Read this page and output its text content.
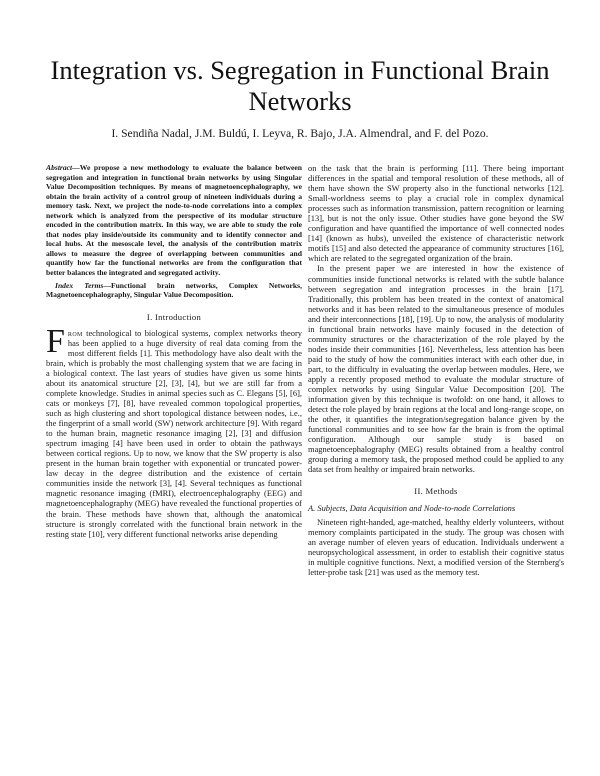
Integration vs. Segregation in Functional Brain Networks

I. Sendiña Nadal, J.M. Buldú, I. Leyva, R. Bajo, J.A. Almendral, and F. del Pozo.

Abstract—We propose a new methodology to evaluate the balance between segregation and integration in functional brain networks by using Singular Value Decomposition techniques. By means of magnetoencephalography, we obtain the brain activity of a control group of nineteen individuals during a memory task. Next, we project the node-to-node correlations into a complex network which is analyzed from the perspective of its modular structure encoded in the contribution matrix. In this way, we are able to study the role that nodes play inside/outside its community and to identify connector and local hubs. At the mesoscale level, the analysis of the contribution matrix allows to measure the degree of overlapping between communities and quantify how far the functional networks are from the configuration that better balances the integrated and segregated activity.

Index Terms—Functional brain networks, Complex Networks, Magnetoencephalography, Singular Value Decomposition.

I. Introduction
F rom technological to biological systems, complex networks theory has been applied to a huge diversity of real data coming from the most different fields [1]. This methodology have also dealt with the brain, which is probably the most challenging system that we are facing in a biological context. The last years of studies have given us some hints about its anatomical structure [2], [3], [4], but we are still far from a complete knowledge. Studies in animal species such as C. Elegans [5], [6], cats or monkeys [7], [8], have revealed common topological properties, such as high clustering and short topological distance between nodes, i.e., the fingerprint of a small world (SW) network architecture [9]. With regard to the human brain, magnetic resonance imaging [2], [3] and diffusion spectrum imaging [4] have been used in order to obtain the pathways between cortical regions. Up to now, we know that the SW property is also present in the human brain together with exponential or truncated power-law decay in the degree distribution and the existence of certain communities inside the network [3], [4]. Several techniques as functional magnetic resonance imaging (fMRI), electroencephalography (EEG) and magnetoencephalography (MEG) have revealed the functional properties of the brain. These methods have shown that, although the anatomical structure is strongly correlated with the functional brain network in the resting state [10], very different functional networks arise depending

on the task that the brain is performing [11]. There being important differences in the spatial and temporal resolution of these methods, all of them have shown the SW property also in the functional networks [12]. Small-worldness seems to play a crucial role in complex dynamical processes such as information transmission, pattern recognition or learning [13], but is not the only issue. Other studies have gone beyond the SW configuration and have quantified the importance of well connected nodes [14] (known as hubs), unveiled the existence of characteristic network motifs [15] and also detected the appearance of community structures [16], which are related to the segregated organization of the brain.

In the present paper we are interested in how the existence of communities inside functional networks is related with the subtle balance between segregation and integration processes in the brain [17]. Traditionally, this problem has been treated in the context of anatomical networks and it has been related to the simultaneous presence of modules and their interconnections [18], [19]. Up to now, the analysis of modularity in functional brain networks have mainly focused in the detection of community structures or the characterization of the role played by the nodes inside their communities [16]. Nevertheless, less attention has been paid to the study of how the communities interact with each other due, in part, to the difficulty in evaluating the overlap between modules. Here, we apply a recently proposed method to evaluate the modular structure of complex networks by using Singular Value Decomposition [20]. The information given by this technique is twofold: on one hand, it allows to detect the role played by brain regions at the local and long-range scope, on the other, it quantifies the integration/segregation balance given by the functional communities and to see how far the brain is from the optimal configuration. Although our sample study is based on magnetoencephalography (MEG) results obtained from a healthy control group during a memory task, the proposed method could be applied to any data set from healthy or impaired brain networks.

II. Methods
A. Subjects, Data Acquisition and Node-to-node Correlations

Nineteen right-handed, age-matched, healthy elderly volunteers, without memory complaints participated in the study. The group was chosen with an average number of eleven years of education. Individuals underwent a neuropsychological assessment, in order to establish their cognitive status in multiple cognitive functions. Next, a modified version of the Sternberg's letter-probe task [21] was used as the memory test.
